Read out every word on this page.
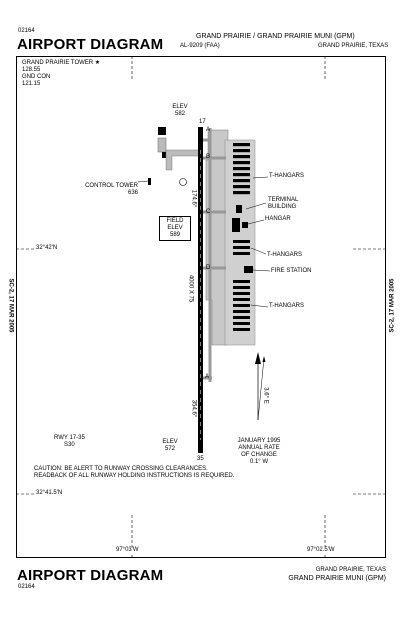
02164
AIRPORT DIAGRAM	GRAND PRAIRIE / GRAND PRAIRIE MUNI (GPM)
AL-9209 (FAA)	GRAND PRAIRIE, TEXAS
GRAND PRAIRIE TOWER ★
128.55
GND CON
121.15
ELEV
582
17
FIELD
ELEV
589
CONTROL TOWER
636
ELEV
572
35
174.6°
4000 X 75
354.6°
A
B
C
D
A
T-HANGARS
TERMINAL
BUILDING
HANGAR
T-HANGARS
FIRE STATION
T-HANGARS
32°42'N
32°41.5'N
97°03'W	97°02.5'W
3.6° E
JANUARY 1995
ANNUAL RATE
OF CHANGE
0.1° W
RWY 17-35
S30
CAUTION: BE ALERT TO RUNWAY CROSSING CLEARANCES.
READBACK OF ALL RUNWAY HOLDING INSTRUCTIONS IS REQUIRED.
SC-2, 17 MAR 2005	SC-2, 17 MAR 2005
AIRPORT DIAGRAM
02164
GRAND PRAIRIE, TEXAS
GRAND PRAIRIE MUNI (GPM)
